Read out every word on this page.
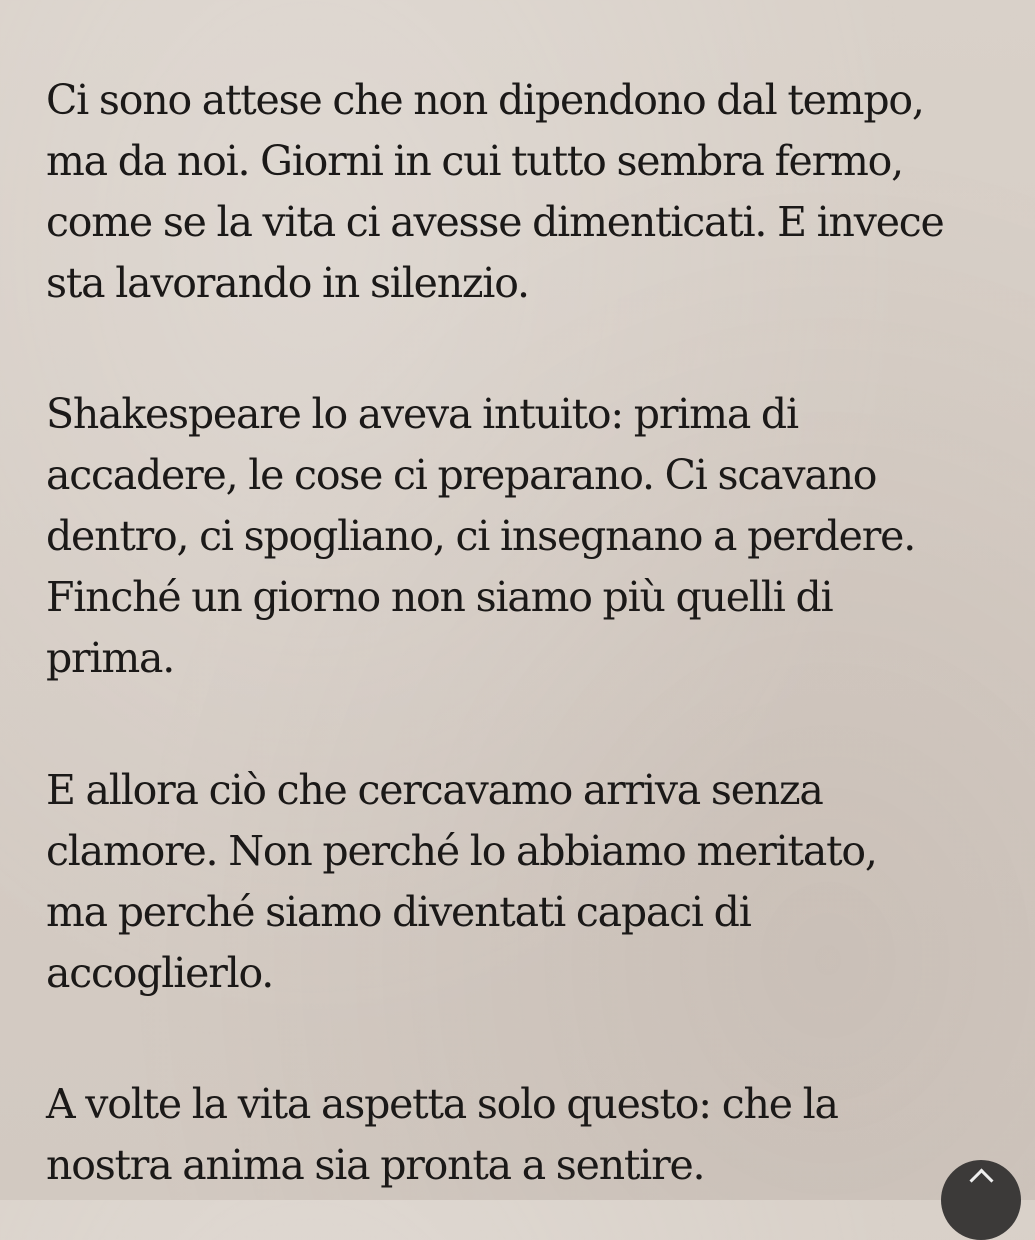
Ci sono attese che non dipendono dal tempo,
ma da noi. Giorni in cui tutto sembra fermo,
come se la vita ci avesse dimenticati. E invece
sta lavorando in silenzio.

Shakespeare lo aveva intuito: prima di
accadere, le cose ci preparano. Ci scavano
dentro, ci spogliano, ci insegnano a perdere.
Finché un giorno non siamo più quelli di
prima.

E allora ciò che cercavamo arriva senza
clamore. Non perché lo abbiamo meritato,
ma perché siamo diventati capaci di
accoglierlo.

A volte la vita aspetta solo questo: che la
nostra anima sia pronta a sentire.
